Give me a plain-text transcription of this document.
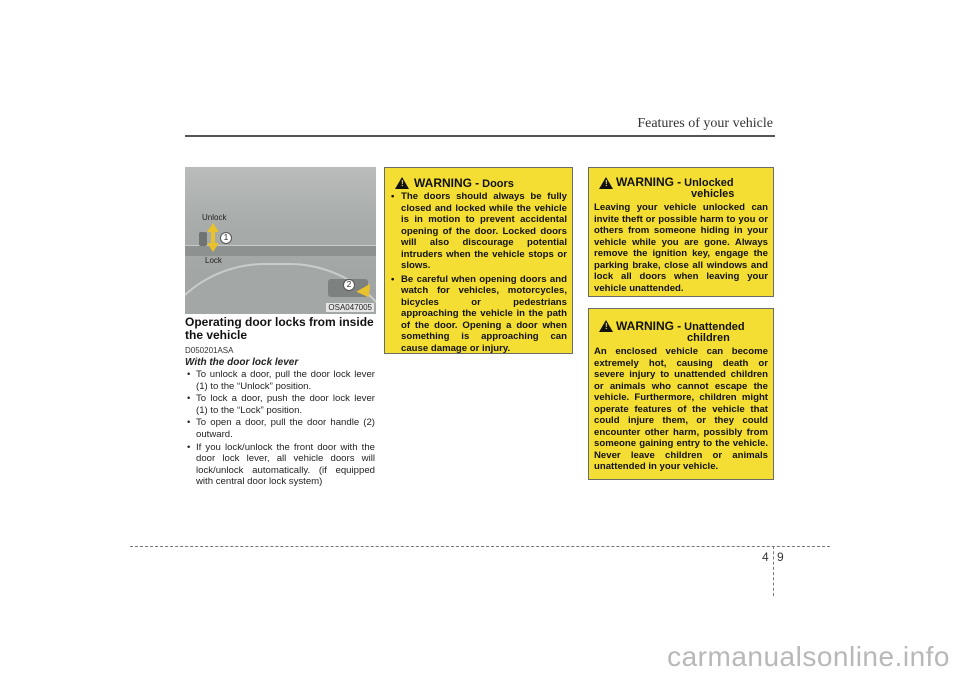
Features of your vehicle
1
2
Unlock
Lock
OSA047005
Operating door locks from inside the vehicle
D050201ASA
With the door lock lever
• To unlock a door, pull the door lock lever (1) to the “Unlock” position.
• To lock a door, push the door lock lever (1) to the “Lock” position.
• To open a door, pull the door handle (2) outward.
• If you lock/unlock the front door with the door lock lever, all vehicle doors will lock/unlock automatically. (if equipped with central door lock system)
! WARNING - Doors
• The doors should always be fully closed and locked while the vehicle is in motion to prevent accidental opening of the door. Locked doors will also discourage potential intruders when the vehicle stops or slows.
• Be careful when opening doors and watch for vehicles, motorcycles, bicycles or pedestrians approaching the vehicle in the path of the door. Opening a door when something is approaching can cause damage or injury.
! WARNING - Unlocked
vehicles
Leaving your vehicle unlocked can invite theft or possible harm to you or others from someone hiding in your vehicle while you are gone. Always remove the ignition key, engage the parking brake, close all windows and lock all doors when leaving your vehicle unattended.
! WARNING - Unattended
children
An enclosed vehicle can become extremely hot, causing death or severe injury to unattended children or animals who cannot escape the vehicle. Furthermore, children might operate features of the vehicle that could injure them, or they could encounter other harm, possibly from someone gaining entry to the vehicle. Never leave children or animals unattended in your vehicle.
4 9
carmanualsonline.info
